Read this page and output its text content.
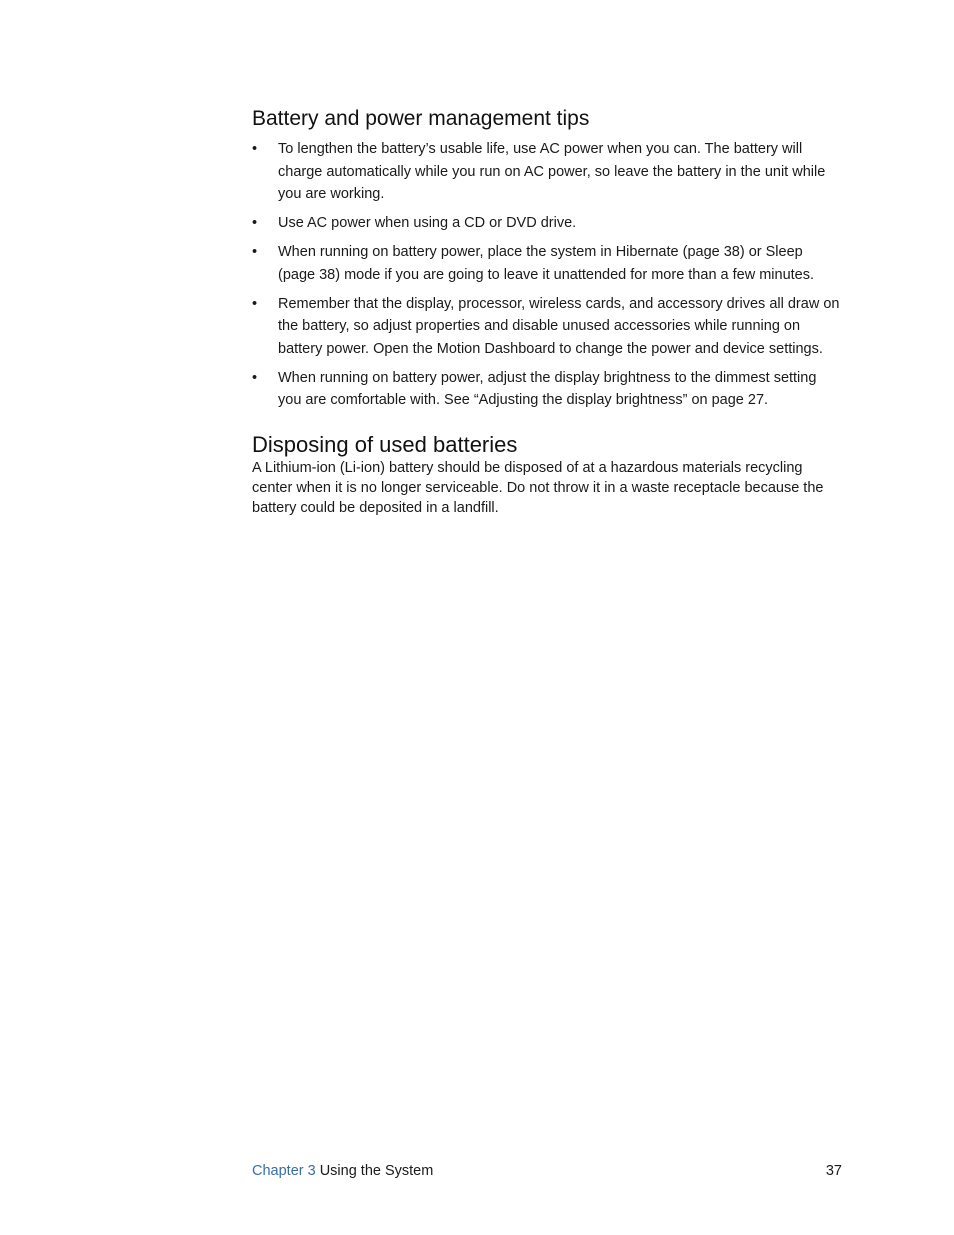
Battery and power management tips
•	To lengthen the battery’s usable life, use AC power when you can. The battery will charge automatically while you run on AC power, so leave the battery in the unit while you are working.
•	Use AC power when using a CD or DVD drive.
•	When running on battery power, place the system in Hibernate (page 38) or Sleep (page 38) mode if you are going to leave it unattended for more than a few minutes.
•	Remember that the display, processor, wireless cards, and accessory drives all draw on the battery, so adjust properties and disable unused accessories while running on battery power. Open the Motion Dashboard to change the power and device settings.
•	When running on battery power, adjust the display brightness to the dimmest setting you are comfortable with. See “Adjusting the display brightness” on page 27.
Disposing of used batteries

A Lithium-ion (Li-ion) battery should be disposed of at a hazardous materials recycling center when it is no longer serviceable. Do not throw it in a waste receptacle because the battery could be deposited in a landfill.

Chapter 3 Using the System	37
